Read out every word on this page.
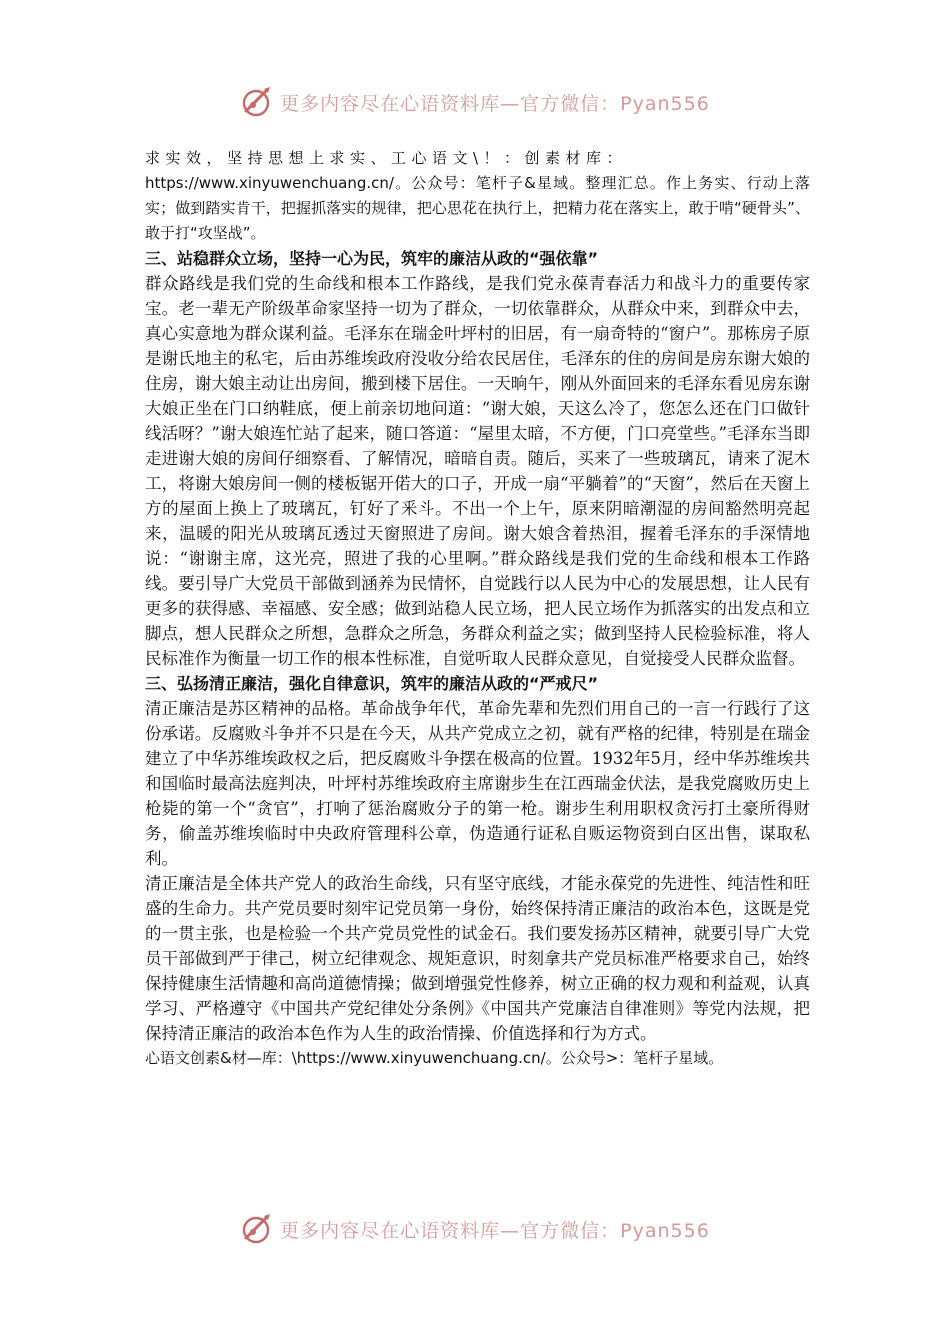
更多内容尽在心语资料库—官方微信：Pyan556

求实效，坚持思想上求实、工心语文\！：创素材库：

https://www.xinyuwenchuang.cn/。公众号：笔杆子&星域。整理汇总。作上务实、行动上落实；做到踏实肯干，把握抓落实的规律，把心思花在执行上，把精力花在落实上，敢于啃“硬骨头”、敢于打“攻坚战”。

三、站稳群众立场，坚持一心为民，筑牢的廉洁从政的“强依靠”

群众路线是我们党的生命线和根本工作路线，是我们党永葆青春活力和战斗力的重要传家宝。老一辈无产阶级革命家坚持一切为了群众，一切依靠群众，从群众中来，到群众中去，真心实意地为群众谋利益。毛泽东在瑞金叶坪村的旧居，有一扇奇特的“窗户”。那栋房子原是谢氏地主的私宅，后由苏维埃政府没收分给农民居住，毛泽东的住的房间是房东谢大娘的住房，谢大娘主动让出房间，搬到楼下居住。一天晌午，刚从外面回来的毛泽东看见房东谢大娘正坐在门口纳鞋底，便上前亲切地问道：“谢大娘，天这么冷了，您怎么还在门口做针线活呀？”谢大娘连忙站了起来，随口答道：“屋里太暗，不方便，门口亮堂些。”毛泽东当即走进谢大娘的房间仔细察看、了解情况，暗暗自责。随后，买来了一些玻璃瓦，请来了泥木工，将谢大娘房间一侧的楼板锯开偌大的口子，开成一扇“平躺着”的“天窗”，然后在天窗上方的屋面上换上了玻璃瓦，钉好了釆斗。不出一个上午，原来阴暗潮湿的房间豁然明亮起来，温暖的阳光从玻璃瓦透过天窗照进了房间。谢大娘含着热泪，握着毛泽东的手深情地说：“谢谢主席，这光亮，照进了我的心里啊。”群众路线是我们党的生命线和根本工作路线。要引导广大党员干部做到涵养为民情怀，自觉践行以人民为中心的发展思想，让人民有更多的获得感、幸福感、安全感；做到站稳人民立场，把人民立场作为抓落实的出发点和立脚点，想人民群众之所想，急群众之所急，务群众利益之实；做到坚持人民检验标准，将人民标准作为衡量一切工作的根本性标准，自觉听取人民群众意见，自觉接受人民群众监督。

三、弘扬清正廉洁，强化自律意识，筑牢的廉洁从政的“严戒尺”

清正廉洁是苏区精神的品格。革命战争年代，革命先辈和先烈们用自己的一言一行践行了这份承诺。反腐败斗争并不只是在今天，从共产党成立之初，就有严格的纪律，特别是在瑞金建立了中华苏维埃政权之后，把反腐败斗争摆在极高的位置。1932年5月，经中华苏维埃共和国临时最高法庭判决，叶坪村苏维埃政府主席谢步生在江西瑞金伏法，是我党腐败历史上枪毙的第一个“贪官”，打响了惩治腐败分子的第一枪。谢步生利用职权贪污打土豪所得财务，偷盖苏维埃临时中央政府管理科公章，伪造通行证私自贩运物资到白区出售，谋取私利。

清正廉洁是全体共产党人的政治生命线，只有坚守底线，才能永葆党的先进性、纯洁性和旺盛的生命力。共产党员要时刻牢记党员第一身份，始终保持清正廉洁的政治本色，这既是党的一贯主张，也是检验一个共产党员党性的试金石。我们要发扬苏区精神，就要引导广大党员干部做到严于律己，树立纪律观念、规矩意识，时刻拿共产党员标准严格要求自己，始终保持健康生活情趣和高尚道德情操；做到增强党性修养，树立正确的权力观和利益观，认真学习、严格遵守《中国共产党纪律处分条例》《中国共产党廉洁自律准则》等党内法规，把保持清正廉洁的政治本色作为人生的政治情操、价值选择和行为方式。

心语文创素&材—库：\https://www.xinyuwenchuang.cn/。公众号>：笔杆子星域。

更多内容尽在心语资料库—官方微信：Pyan556
